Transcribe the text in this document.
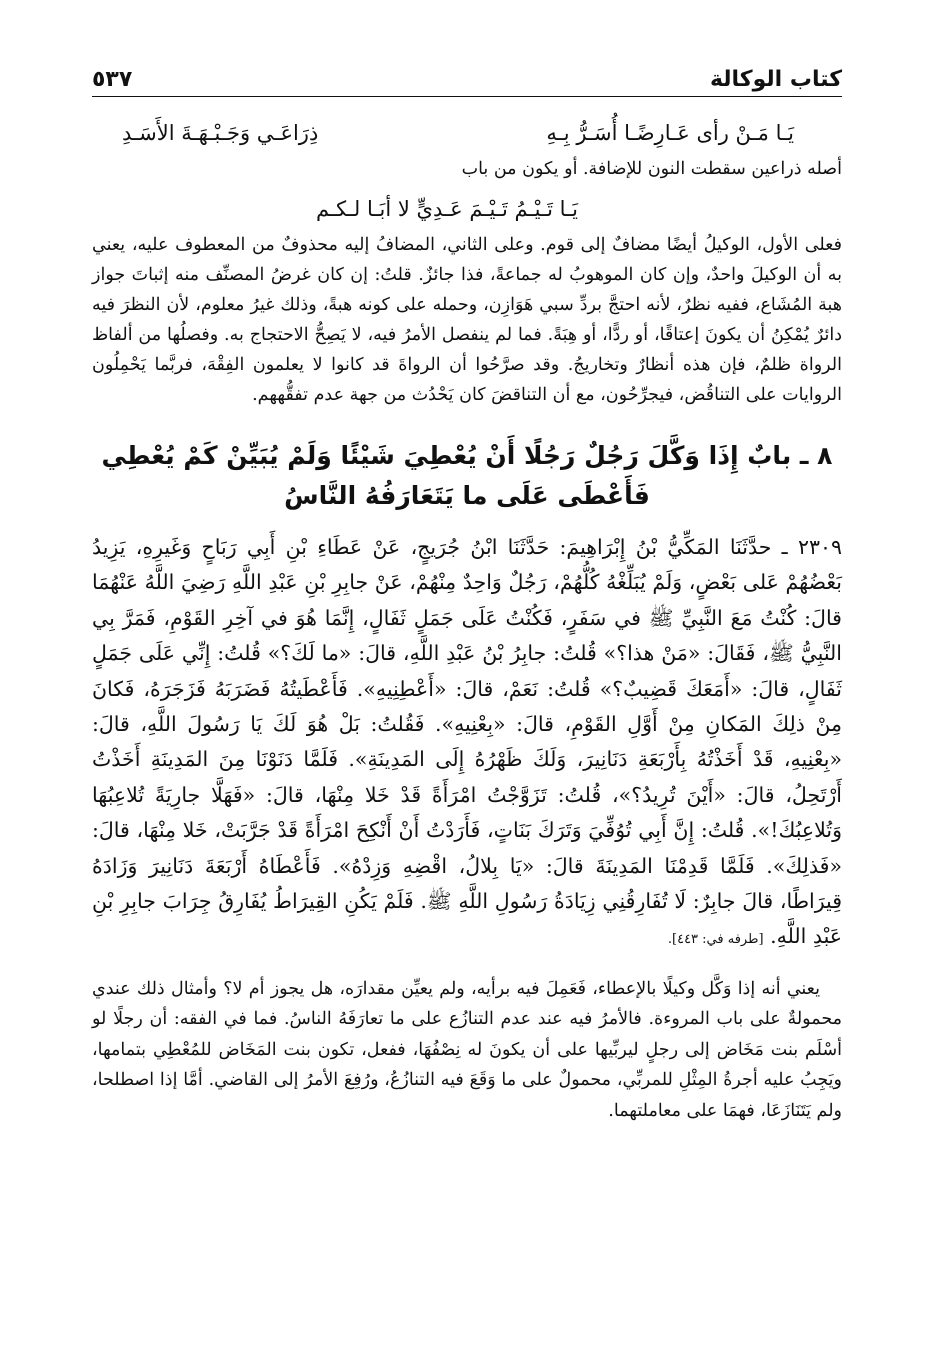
كتاب الوكالة
٥٣٧
يَـا مَـنْ رأى عَـارِضًـا أُسَـرُّ بِـهِ
ذِرَاعَـي وَجَـبْـهَـةَ الأَسَـدِ

أصله ذراعين سقطت النون للإضافة. أو يكون من باب

يَـا تَـيْـمُ تَـيْـمَ عَـدِيٍّ لا أبَـا لـكـم

فعلى الأول، الوكيلُ أيضًا مضافٌ إلى قوم. وعلى الثاني، المضافُ إليه محذوفٌ من المعطوف عليه، يعني به أن الوكيلَ واحدٌ، وإن كان الموهوبُ له جماعةً، فذا جائزٌ. قلتُ: إن كان غرضُ المصنِّف منه إثباتَ جواز هبة المُشَاع، ففيه نظرٌ، لأنه احتجَّ بردِّ سبي هَوَازِن، وحمله على كونه هبةً، وذلك غيرُ معلوم، لأن النظرَ فيه دائرٌ يُمْكِنُ أن يكونَ إعتاقًا، أو ردًّا، أو هِبَةً. فما لم ينفصل الأمرُ فيه، لا يَصِحُّ الاحتجاج به. وفصلُها من ألفاظ الرواة ظلمٌ، فإن هذه أنظارٌ وتخاريجُ. وقد صرَّحُوا أن الرواةَ قد كانوا لا يعلمون الفِقْهَ، فربَّما يَحْمِلُون الروايات على التناقُض، فيجرِّحُون، مع أن التناقضَ كان يَحْدُث من جهة عدم تفقُّههم.

٨ ـ بابٌ إِذَا وَكَّلَ رَجُلٌ رَجُلًا أَنْ يُعْطِيَ شَيْئًا وَلَمْ يُبَيِّنْ كَمْ يُعْطِي
فَأَعْطَى عَلَى ما يَتَعَارَفُهُ النَّاسُ

٢٣٠٩ ـ حدَّثَنَا المَكِّيُّ بْنُ إِبْرَاهِيمَ: حَدَّثَنَا ابْنُ جُرَيجٍ، عَنْ عَطَاءِ بْنِ أَبِي رَبَاحٍ وَغَيرِهِ، يَزِيدُ بَعْضُهُمْ عَلى بَعْضٍ، وَلَمْ يُبَلِّغْهُ كُلُّهُمْ، رَجُلٌ وَاحِدٌ مِنْهُمْ، عَنْ جابِرِ بْنِ عَبْدِ اللَّهِ رَضِيَ اللَّهُ عَنْهُمَا قالَ: كُنْتُ مَعَ النَّبِيِّ ﷺ في سَفَرٍ، فَكُنْتُ عَلَى جَمَلٍ ثَفَالٍ، إِنَّمَا هُوَ في آخِرِ القَوْمِ، فَمَرَّ بِي النَّبِيُّ ﷺ، فَقَالَ: «مَنْ هذا؟» قُلتُ: جابِرُ بْنُ عَبْدِ اللَّهِ، قالَ: «ما لَكَ؟» قُلتُ: إِنِّي عَلَى جَمَلٍ ثَفَالٍ، قالَ: «أَمَعَكَ قَضِيبٌ؟» قُلتُ: نَعَمْ، قالَ: «أَعْطِنِيهِ». فَأَعْطَيتُهُ فَضَرَبَهُ فَزَجَرَهُ، فَكانَ مِنْ ذلِكَ المَكانِ مِنْ أَوَّلِ القَوْمِ، قالَ: «بِعْنِيهِ». فَقُلتُ: بَلْ هُوَ لَكَ يَا رَسُولَ اللَّهِ، قالَ: «بِعْنِيهِ، قَدْ أَخَذْتُهُ بِأَرْبَعَةِ دَنَانِيرَ، وَلَكَ ظَهْرُهُ إِلَى المَدِينَةِ». فَلَمَّا دَنَوْنَا مِنَ المَدِينَةِ أَخَذْتُ أَرْتَحِلُ، قالَ: «أَيْنَ تُرِيدُ؟»، قُلتُ: تَزَوَّجْتُ امْرَأَةً قَدْ خَلا مِنْهَا، قالَ: «فَهَلَّا جارِيَةً تُلاعِبُهَا وَتُلاعِبُكَ!». قُلتُ: إِنَّ أَبِي تُوُفِّيَ وَتَرَكَ بَنَاتٍ، فَأَرَدْتُ أَنْ أَنْكِحَ امْرَأَةً قَدْ جَرَّبَتْ، خَلا مِنْهَا، قالَ: «فَذلِكَ». فَلَمَّا قَدِمْنَا المَدِينَةَ قالَ: «يَا بِلالُ، اقْضِهِ وَزِدْهُ». فَأَعْطَاهُ أَرْبَعَةَ دَنَانِيرَ وَزَادَهُ قِيرَاطًا، قالَ جابِرٌ: لَا تُفَارِقُنِي زِيَادَةُ رَسُولِ اللَّهِ ﷺ. فَلَمْ يَكُنِ القِيرَاطُ يُفَارِقُ جِرَابَ جابِرِ بْنِ عَبْدِ اللَّهِ. [طرفه في: ٤٤٣].

يعني أنه إذا وَكَّل وكيلًا بالإعطاء، فَعَمِلَ فيه برأيه، ولم يعيِّن مقدارَه، هل يجوز أم لا؟ وأمثال ذلك عندي محمولةٌ على باب المروءة. فالأمرُ فيه عند عدم التنازُع على ما تعارَفَهُ الناسُ. فما في الفقه: أن رجلًا لو أسْلَم بنت مَخَاض إلى رجلٍ ليربِّيها على أن يكونَ له نِصْفُهَا، ففعل، تكون بنت المَخَاض للمُعْطِي بتمامها، ويَجِبُ عليه أجرةُ المِثْلِ للمربِّي، محمولٌ على ما وَقَعَ فيه التنازُعُ، ورُفِعَ الأمرُ إلى القاضي. أمَّا إذا اصطلحا، ولم يَتَنَازَعَا، فهمَا على معاملتهما.
